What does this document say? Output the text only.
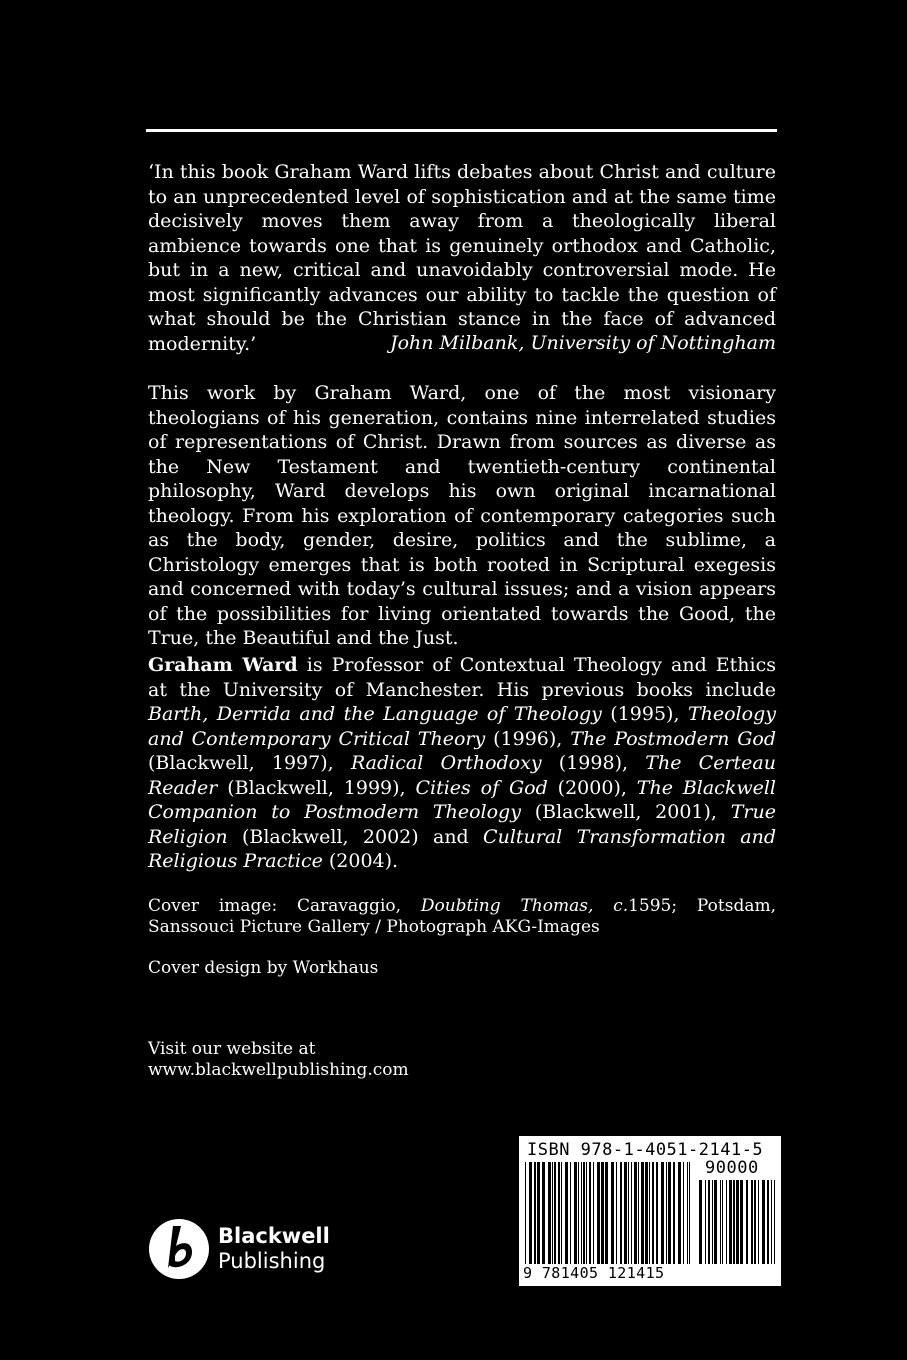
‘In this book Graham Ward lifts debates about Christ and culture to an unprecedented level of sophistication and at the same time decisively moves them away from a theologically liberal ambience towards one that is genuinely orthodox and Catholic, but in a new, critical and unavoidably controversial mode. He most significantly advances our ability to tackle the question of what should be the Christian stance in the face of advanced modernity.’	John Milbank, University of Nottingham

This work by Graham Ward, one of the most visionary theologians of his generation, contains nine interrelated studies of representations of Christ. Drawn from sources as diverse as the New Testament and twentieth-century continental philosophy, Ward develops his own original incarnational theology. From his exploration of contemporary categories such as the body, gender, desire, politics and the sublime, a Christology emerges that is both rooted in Scriptural exegesis and concerned with today’s cultural issues; and a vision appears of the possibilities for living orientated towards the Good, the True, the Beautiful and the Just.

Graham Ward is Professor of Contextual Theology and Ethics at the University of Manchester. His previous books include Barth, Derrida and the Language of Theology (1995), Theology and Contemporary Critical Theory (1996), The Postmodern God (Blackwell, 1997), Radical Orthodoxy (1998), The Certeau Reader (Blackwell, 1999), Cities of God (2000), The Blackwell Companion to Postmodern Theology (Blackwell, 2001), True Religion (Blackwell, 2002) and Cultural Transformation and Religious Practice (2004).

Cover image: Caravaggio, Doubting Thomas, c.1595; Potsdam, Sanssouci Picture Gallery / Photograph AKG-Images

Cover design by Workhaus

Visit our website at
www.blackwellpublishing.com
Blackwell
Publishing
ISBN 978-1-4051-2141-5
90000
9 781405 121415
